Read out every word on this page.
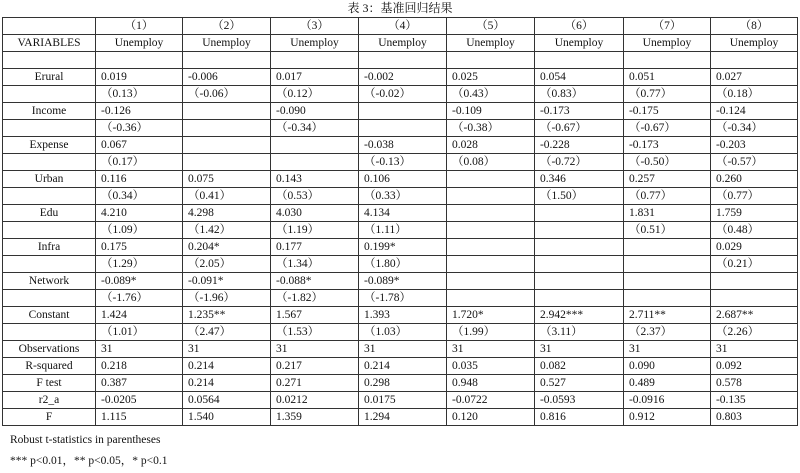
表 3：基准回归结果
	（1）	（2）	（3）	（4）	（5）	（6）	（7）	（8）
VARIABLES	Unemploy	Unemploy	Unemploy	Unemploy	Unemploy	Unemploy	Unemploy	Unemploy

Erural	0.019	-0.006	0.017	-0.002	0.025	0.054	0.051	0.027
	（0.13）	（-0.06）	（0.12）	（-0.02）	（0.43）	（0.83）	（0.77）	（0.18）
Income	-0.126		-0.090		-0.109	-0.173	-0.175	-0.124
	（-0.36）		（-0.34）		（-0.38）	（-0.67）	（-0.67）	（-0.34）
Expense	0.067			-0.038	0.028	-0.228	-0.173	-0.203
	（0.17）			（-0.13）	（0.08）	（-0.72）	（-0.50）	（-0.57）
Urban	0.116	0.075	0.143	0.106		0.346	0.257	0.260
	（0.34）	（0.41）	（0.53）	（0.33）		（1.50）	（0.77）	（0.77）
Edu	4.210	4.298	4.030	4.134			1.831	1.759
	（1.09）	（1.42）	（1.19）	（1.11）			（0.51）	（0.48）
Infra	0.175	0.204*	0.177	0.199*				0.029
	（1.29）	（2.05）	（1.34）	（1.80）				（0.21）
Network	-0.089*	-0.091*	-0.088*	-0.089*				
	（-1.76）	（-1.96）	（-1.82）	（-1.78）				
Constant	1.424	1.235**	1.567	1.393	1.720*	2.942***	2.711**	2.687**
	（1.01）	（2.47）	（1.53）	（1.03）	（1.99）	（3.11）	（2.37）	（2.26）
Observations	31	31	31	31	31	31	31	31
R-squared	0.218	0.214	0.217	0.214	0.035	0.082	0.090	0.092
F test	0.387	0.214	0.271	0.298	0.948	0.527	0.489	0.578
r2_a	-0.0205	0.0564	0.0212	0.0175	-0.0722	-0.0593	-0.0916	-0.135
F	1.115	1.540	1.359	1.294	0.120	0.816	0.912	0.803
Robust t-statistics in parentheses
*** p<0.01，** p<0.05，* p<0.1
